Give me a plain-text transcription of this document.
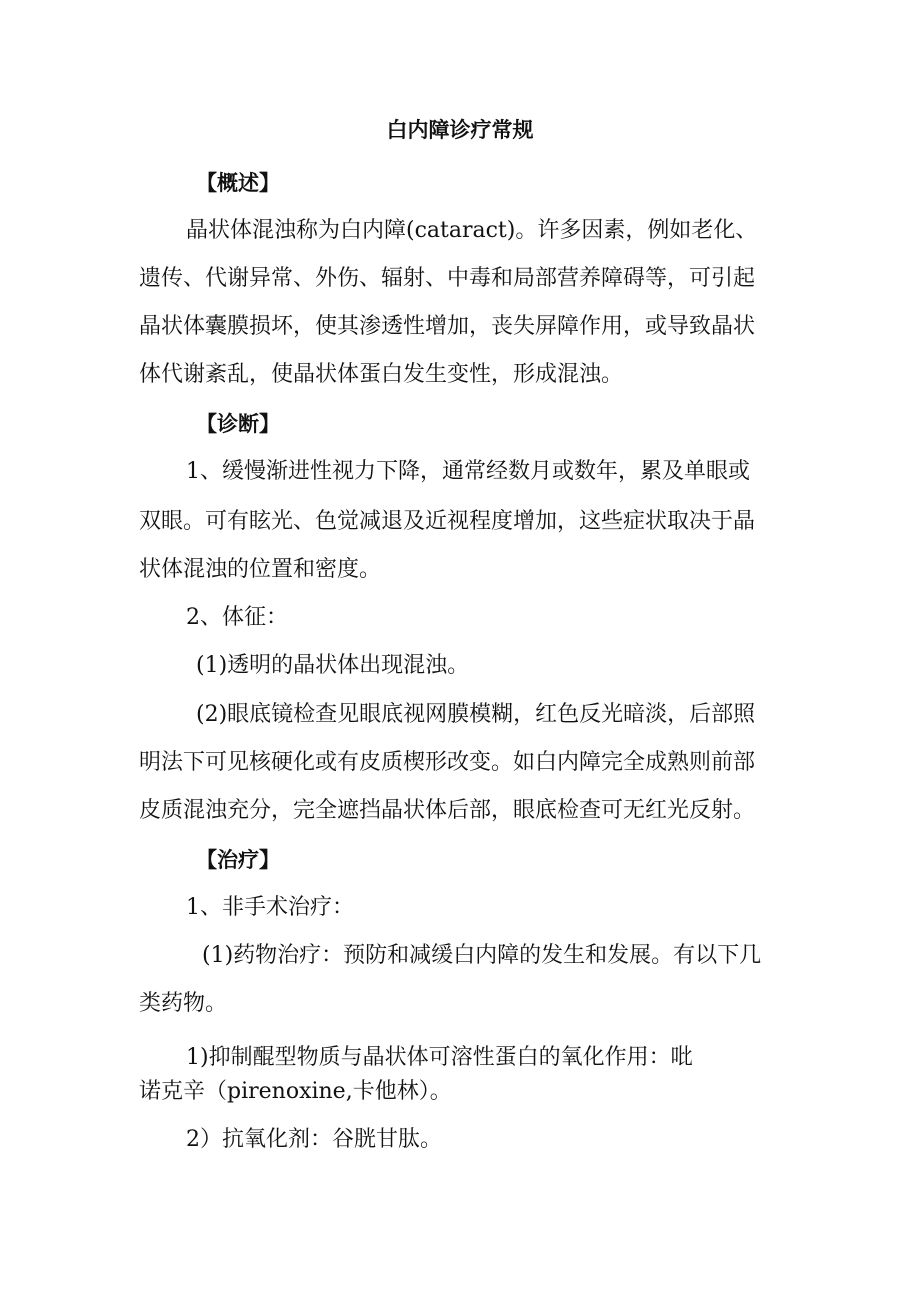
白内障诊疗常规
【概述】
晶状体混浊称为白内障(cataract)。许多因素，例如老化、
遗传、代谢异常、外伤、辐射、中毒和局部营养障碍等，可引起
晶状体囊膜损坏，使其渗透性增加，丧失屏障作用，或导致晶状
体代谢紊乱，使晶状体蛋白发生变性，形成混浊。
【诊断】
1、缓慢渐进性视力下降，通常经数月或数年，累及单眼或
双眼。可有眩光、色觉减退及近视程度增加，这些症状取决于晶
状体混浊的位置和密度。
2、体征：
(1)透明的晶状体出现混浊。
(2)眼底镜检查见眼底视网膜模糊，红色反光暗淡，后部照
明法下可见核硬化或有皮质楔形改变。如白内障完全成熟则前部
皮质混浊充分，完全遮挡晶状体后部，眼底检查可无红光反射。
【治疗】
1、非手术治疗：
(1)药物治疗：预防和减缓白内障的发生和发展。有以下几
类药物。
1)抑制醌型物质与晶状体可溶性蛋白的氧化作用：吡
诺克辛（pirenoxine,卡他林）。
2）抗氧化剂：谷胱甘肽。
